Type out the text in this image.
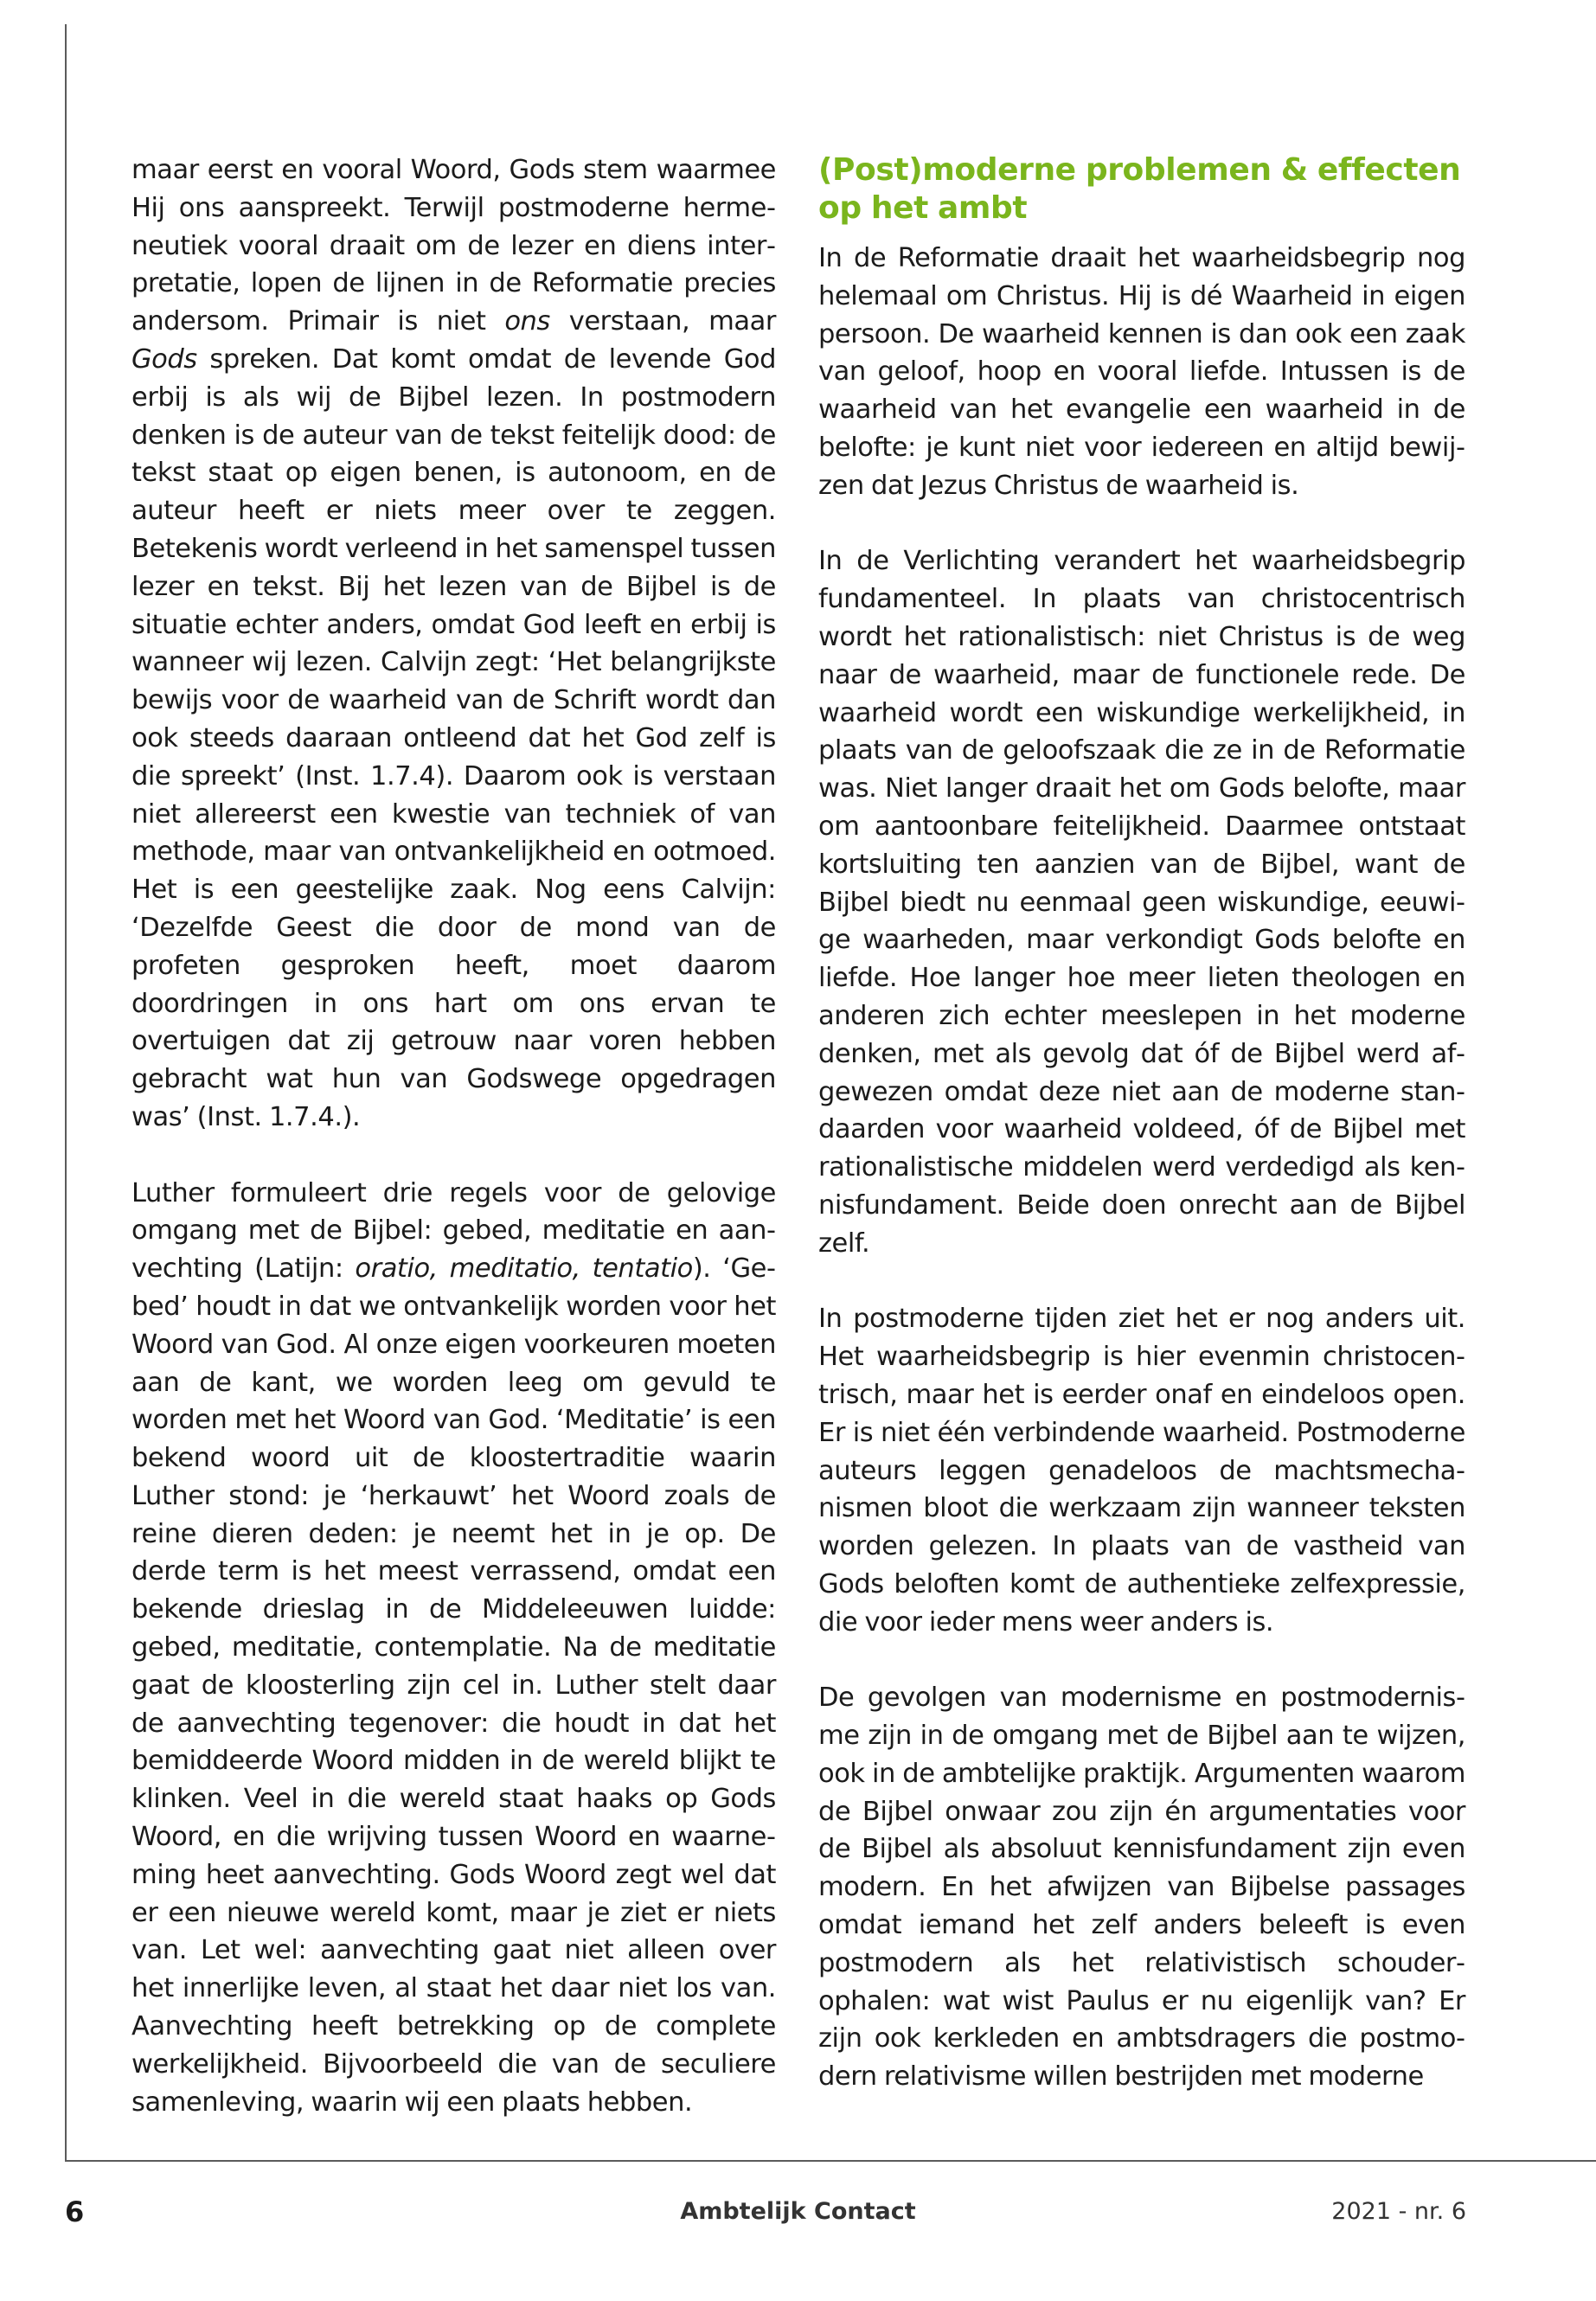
maar eerst en vooral Woord, Gods stem waarmee Hij ons aanspreekt. Terwijl postmoderne hermeneutiek vooral draait om de lezer en diens interpretatie, lopen de lijnen in de Reformatie precies andersom. Primair is niet ons verstaan, maar Gods spreken. Dat komt omdat de levende God erbij is als wij de Bijbel lezen. In postmodern denken is de auteur van de tekst feitelijk dood: de tekst staat op eigen benen, is autonoom, en de auteur heeft er niets meer over te zeggen. Betekenis wordt verleend in het samenspel tussen lezer en tekst. Bij het lezen van de Bijbel is de situatie echter anders, omdat God leeft en erbij is wanneer wij lezen. Calvijn zegt: ‘Het belangrijkste bewijs voor de waarheid van de Schrift wordt dan ook steeds daaraan ontleend dat het God zelf is die spreekt’ (Inst. 1.7.4). Daarom ook is verstaan niet allereerst een kwestie van techniek of van methode, maar van ontvankelijkheid en ootmoed. Het is een geestelijke zaak. Nog eens Calvijn: ‘Dezelfde Geest die door de mond van de profeten gesproken heeft, moet daarom doordringen in ons hart om ons ervan te overtuigen dat zij getrouw naar voren hebben gebracht wat hun van Godswege opgedragen was’ (Inst. 1.7.4.).

Luther formuleert drie regels voor de gelovige omgang met de Bijbel: gebed, meditatie en aanvechting (Latijn: oratio, meditatio, tentatio). ‘Gebed’ houdt in dat we ontvankelijk worden voor het Woord van God. Al onze eigen voorkeuren moeten aan de kant, we worden leeg om gevuld te worden met het Woord van God. ‘Meditatie’ is een bekend woord uit de kloostertraditie waarin Luther stond: je ‘herkauwt’ het Woord zoals de reine dieren deden: je neemt het in je op. De derde term is het meest verrassend, omdat een bekende drieslag in de Middeleeuwen luidde: gebed, meditatie, contemplatie. Na de meditatie gaat de kloosterling zijn cel in. Luther stelt daar de aanvechting tegenover: die houdt in dat het bemiddeerde Woord midden in de wereld blijkt te klinken. Veel in die wereld staat haaks op Gods Woord, en die wrijving tussen Woord en waarneming heet aanvechting. Gods Woord zegt wel dat er een nieuwe wereld komt, maar je ziet er niets van. Let wel: aanvechting gaat niet alleen over het innerlijke leven, al staat het daar niet los van. Aanvechting heeft betrekking op de complete werkelijkheid. Bijvoorbeeld die van de seculiere samenleving, waarin wij een plaats hebben.

(Post)moderne problemen & effecten
op het ambt

In de Reformatie draait het waarheidsbegrip nog helemaal om Christus. Hij is dé Waarheid in eigen persoon. De waarheid kennen is dan ook een zaak van geloof, hoop en vooral liefde. Intussen is de waarheid van het evangelie een waarheid in de belofte: je kunt niet voor iedereen en altijd bewijzen dat Jezus Christus de waarheid is.

In de Verlichting verandert het waarheidsbegrip fundamenteel. In plaats van christocentrisch wordt het rationalistisch: niet Christus is de weg naar de waarheid, maar de functionele rede. De waarheid wordt een wiskundige werkelijkheid, in plaats van de geloofszaak die ze in de Reformatie was. Niet langer draait het om Gods belofte, maar om aantoonbare feitelijkheid. Daarmee ontstaat kortsluiting ten aanzien van de Bijbel, want de Bijbel biedt nu eenmaal geen wiskundige, eeuwige waarheden, maar verkondigt Gods belofte en liefde. Hoe langer hoe meer lieten theologen en anderen zich echter meeslepen in het moderne denken, met als gevolg dat óf de Bijbel werd afgewezen omdat deze niet aan de moderne standaarden voor waarheid voldeed, óf de Bijbel met rationalistische middelen werd verdedigd als kennisfundament. Beide doen onrecht aan de Bijbel zelf.

In postmoderne tijden ziet het er nog anders uit. Het waarheidsbegrip is hier evenmin christocentrisch, maar het is eerder onaf en eindeloos open. Er is niet één verbindende waarheid. Postmoderne auteurs leggen genadeloos de machtsmechanismen bloot die werkzaam zijn wanneer teksten worden gelezen. In plaats van de vastheid van Gods beloften komt de authentieke zelfexpressie, die voor ieder mens weer anders is.

De gevolgen van modernisme en postmodernisme zijn in de omgang met de Bijbel aan te wijzen, ook in de ambtelijke praktijk. Argumenten waarom de Bijbel onwaar zou zijn én argumentaties voor de Bijbel als absoluut kennisfundament zijn even modern. En het afwijzen van Bijbelse passages omdat iemand het zelf anders beleeft is even postmodern als het relativistisch schouderophalen: wat wist Paulus er nu eigenlijk van? Er zijn ook kerkleden en ambtsdragers die postmodern relativisme willen bestrijden met moderne

6	Ambtelijk Contact	2021 - nr. 6
